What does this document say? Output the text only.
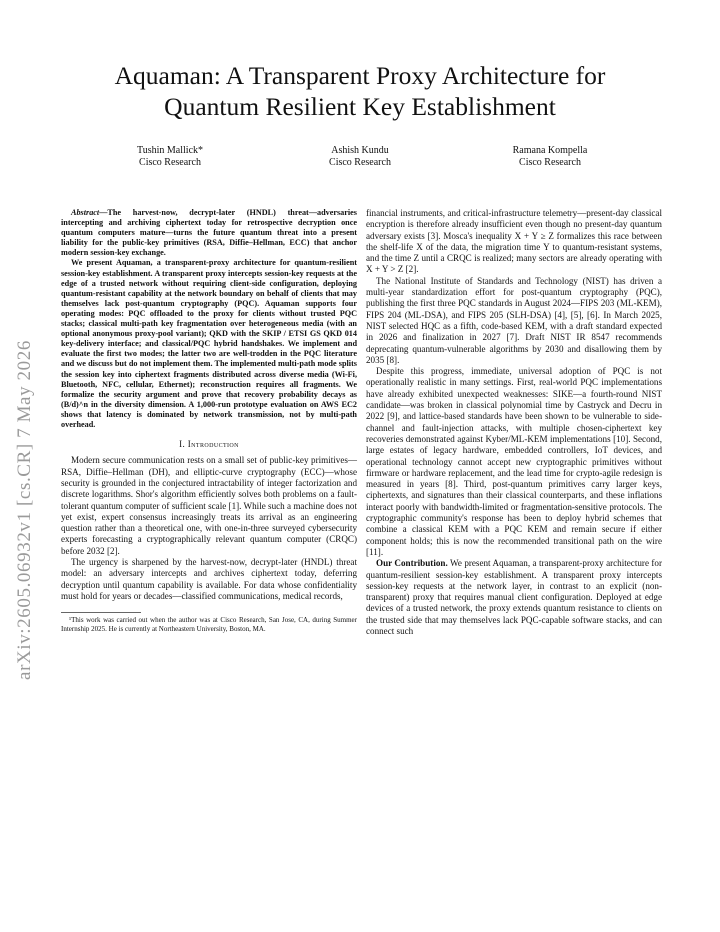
arXiv:2605.06932v1 [cs.CR] 7 May 2026
Aquaman: A Transparent Proxy Architecture for
Quantum Resilient Key Establishment
Tushin Mallick*
Cisco Research
Ashish Kundu
Cisco Research
Ramana Kompella
Cisco Research

Abstract—The harvest-now, decrypt-later (HNDL) threat—adversaries intercepting and archiving ciphertext today for retrospective decryption once quantum computers mature—turns the future quantum threat into a present liability for the public-key primitives (RSA, Diffie–Hellman, ECC) that anchor modern session-key exchange.

We present Aquaman, a transparent-proxy architecture for quantum-resilient session-key establishment. A transparent proxy intercepts session-key requests at the edge of a trusted network without requiring client-side configuration, deploying quantum-resistant capability at the network boundary on behalf of clients that may themselves lack post-quantum cryptography (PQC). Aquaman supports four operating modes: PQC offloaded to the proxy for clients without trusted PQC stacks; classical multi-path key fragmentation over heterogeneous media (with an optional anonymous proxy-pool variant); QKD with the SKIP / ETSI GS QKD 014 key-delivery interface; and classical/PQC hybrid handshakes. We implement and evaluate the first two modes; the latter two are well-trodden in the PQC literature and we discuss but do not implement them. The implemented multi-path mode splits the session key into ciphertext fragments distributed across diverse media (Wi-Fi, Bluetooth, NFC, cellular, Ethernet); reconstruction requires all fragments. We formalize the security argument and prove that recovery probability decays as (B/d)^n in the diversity dimension. A 1,000-run prototype evaluation on AWS EC2 shows that latency is dominated by network transmission, not by multi-path overhead.

I. Introduction

Modern secure communication rests on a small set of public-key primitives—RSA, Diffie–Hellman (DH), and elliptic-curve cryptography (ECC)—whose security is grounded in the conjectured intractability of integer factorization and discrete logarithms. Shor's algorithm efficiently solves both problems on a fault-tolerant quantum computer of sufficient scale [1]. While such a machine does not yet exist, expert consensus increasingly treats its arrival as an engineering question rather than a theoretical one, with one-in-three surveyed cybersecurity experts forecasting a cryptographically relevant quantum computer (CRQC) before 2032 [2].

The urgency is sharpened by the harvest-now, decrypt-later (HNDL) threat model: an adversary intercepts and archives ciphertext today, deferring decryption until quantum capability is available. For data whose confidentiality must hold for years or decades—classified communications, medical records,

¹This work was carried out when the author was at Cisco Research, San Jose, CA, during Summer Internship 2025. He is currently at Northeastern University, Boston, MA.

financial instruments, and critical-infrastructure telemetry—present-day classical encryption is therefore already insufficient even though no present-day quantum adversary exists [3]. Mosca's inequality X + Y ≥ Z formalizes this race between the shelf-life X of the data, the migration time Y to quantum-resistant systems, and the time Z until a CRQC is realized; many sectors are already operating with X + Y > Z [2].

The National Institute of Standards and Technology (NIST) has driven a multi-year standardization effort for post-quantum cryptography (PQC), publishing the first three PQC standards in August 2024—FIPS 203 (ML-KEM), FIPS 204 (ML-DSA), and FIPS 205 (SLH-DSA) [4], [5], [6]. In March 2025, NIST selected HQC as a fifth, code-based KEM, with a draft standard expected in 2026 and finalization in 2027 [7]. Draft NIST IR 8547 recommends deprecating quantum-vulnerable algorithms by 2030 and disallowing them by 2035 [8].

Despite this progress, immediate, universal adoption of PQC is not operationally realistic in many settings. First, real-world PQC implementations have already exhibited unexpected weaknesses: SIKE—a fourth-round NIST candidate—was broken in classical polynomial time by Castryck and Decru in 2022 [9], and lattice-based standards have been shown to be vulnerable to side-channel and fault-injection attacks, with multiple chosen-ciphertext key recoveries demonstrated against Kyber/ML-KEM implementations [10]. Second, large estates of legacy hardware, embedded controllers, IoT devices, and operational technology cannot accept new cryptographic primitives without firmware or hardware replacement, and the lead time for crypto-agile redesign is measured in years [8]. Third, post-quantum primitives carry larger keys, ciphertexts, and signatures than their classical counterparts, and these inflations interact poorly with bandwidth-limited or fragmentation-sensitive protocols. The cryptographic community's response has been to deploy hybrid schemes that combine a classical KEM with a PQC KEM and remain secure if either component holds; this is now the recommended transitional path on the wire [11].

Our Contribution. We present Aquaman, a transparent-proxy architecture for quantum-resilient session-key establishment. A transparent proxy intercepts session-key requests at the network layer, in contrast to an explicit (non-transparent) proxy that requires manual client configuration. Deployed at edge devices of a trusted network, the proxy extends quantum resistance to clients on the trusted side that may themselves lack PQC-capable software stacks, and can connect such
